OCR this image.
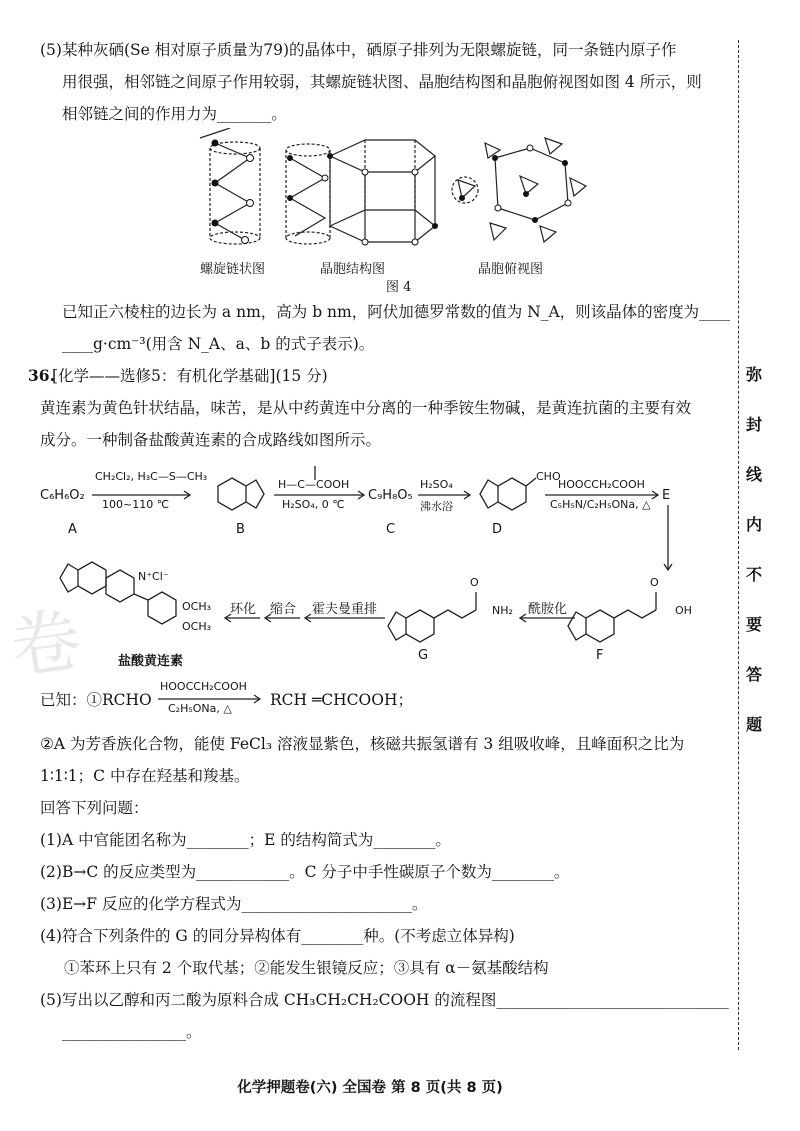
弥
封
线
内
不
要
答
题
卷
(5)某种灰硒(Se 相对原子质量为79)的晶体中，硒原子排列为无限螺旋链，同一条链内原子作
用很强，相邻链之间原子作用较弱，其螺旋链状图、晶胞结构图和晶胞俯视图如图 4 所示，则
相邻链之间的作用力为_______。
螺旋链状图	晶胞结构图	晶胞俯视图
图 4
已知正六棱柱的边长为 a nm，高为 b nm，阿伏加德罗常数的值为 N_A，则该晶体的密度为____
____g·cm⁻³(用含 N_A、a、b 的式子表示)。
36.
[化学——选修5：有机化学基础](15 分)
黄连素为黄色针状结晶，味苦，是从中药黄连中分离的一种季铵生物碱，是黄连抗菌的主要有效
成分。一种制备盐酸黄连素的合成路线如图所示。
C₆H₆O₂
A
CH₂Cl₂, H₃C—S—CH₃
100~110 ℃
B
H—C—COOH
H₂SO₄, 0 ℃
C₉H₈O₅
C
H₂SO₄
沸水浴
D
CHO
HOOCCH₂COOH
C₅H₅N/C₂H₅ONa, △
E
O
OH
F
酰胺化
O
NH₂
G
霍夫曼重排
缩合
环化
N⁺Cl⁻
OCH₃
OCH₃
盐酸黄连素
已知：①RCHO
HOOCCH₂COOH
C₂H₅ONa, △ RCH ═CHCOOH；
②A 为芳香族化合物，能使 FeCl₃ 溶液显紫色，核磁共振氢谱有 3 组吸收峰，且峰面积之比为
1∶1∶1；C 中存在羟基和羧基。
回答下列问题：
(1)A 中官能团名称为________；E 的结构简式为________。
(2)B→C 的反应类型为____________。C 分子中手性碳原子个数为________。
(3)E→F 反应的化学方程式为______________________。
(4)符合下列条件的 G 的同分异构体有________种。(不考虑立体异构)
①苯环上只有 2 个取代基；②能发生银镜反应；③具有 α－氨基酸结构
(5)写出以乙醇和丙二酸为原料合成 CH₃CH₂CH₂COOH 的流程图______________________________
________________。
化学押题卷(六) 全国卷 第 8 页(共 8 页)
